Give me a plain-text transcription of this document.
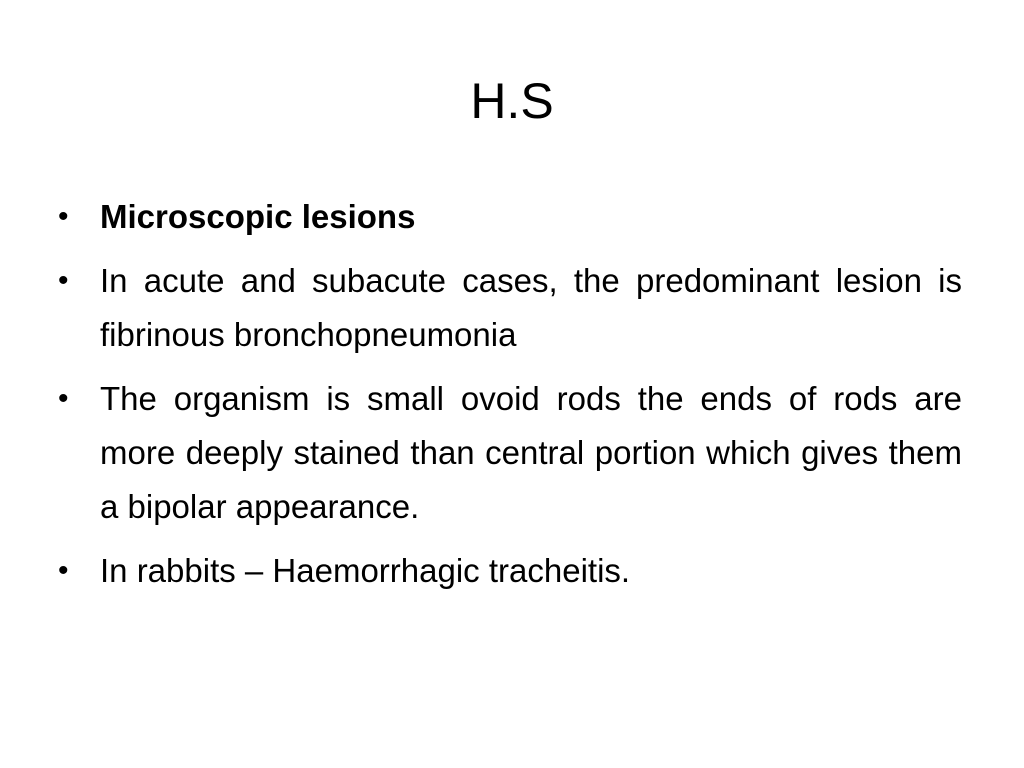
H.S
• Microscopic lesions
• In acute and subacute cases, the predominant lesion is fibrinous bronchopneumonia
• The organism is small ovoid rods the ends of rods are more deeply stained than central portion which gives them a bipolar appearance.
• In rabbits – Haemorrhagic tracheitis.
